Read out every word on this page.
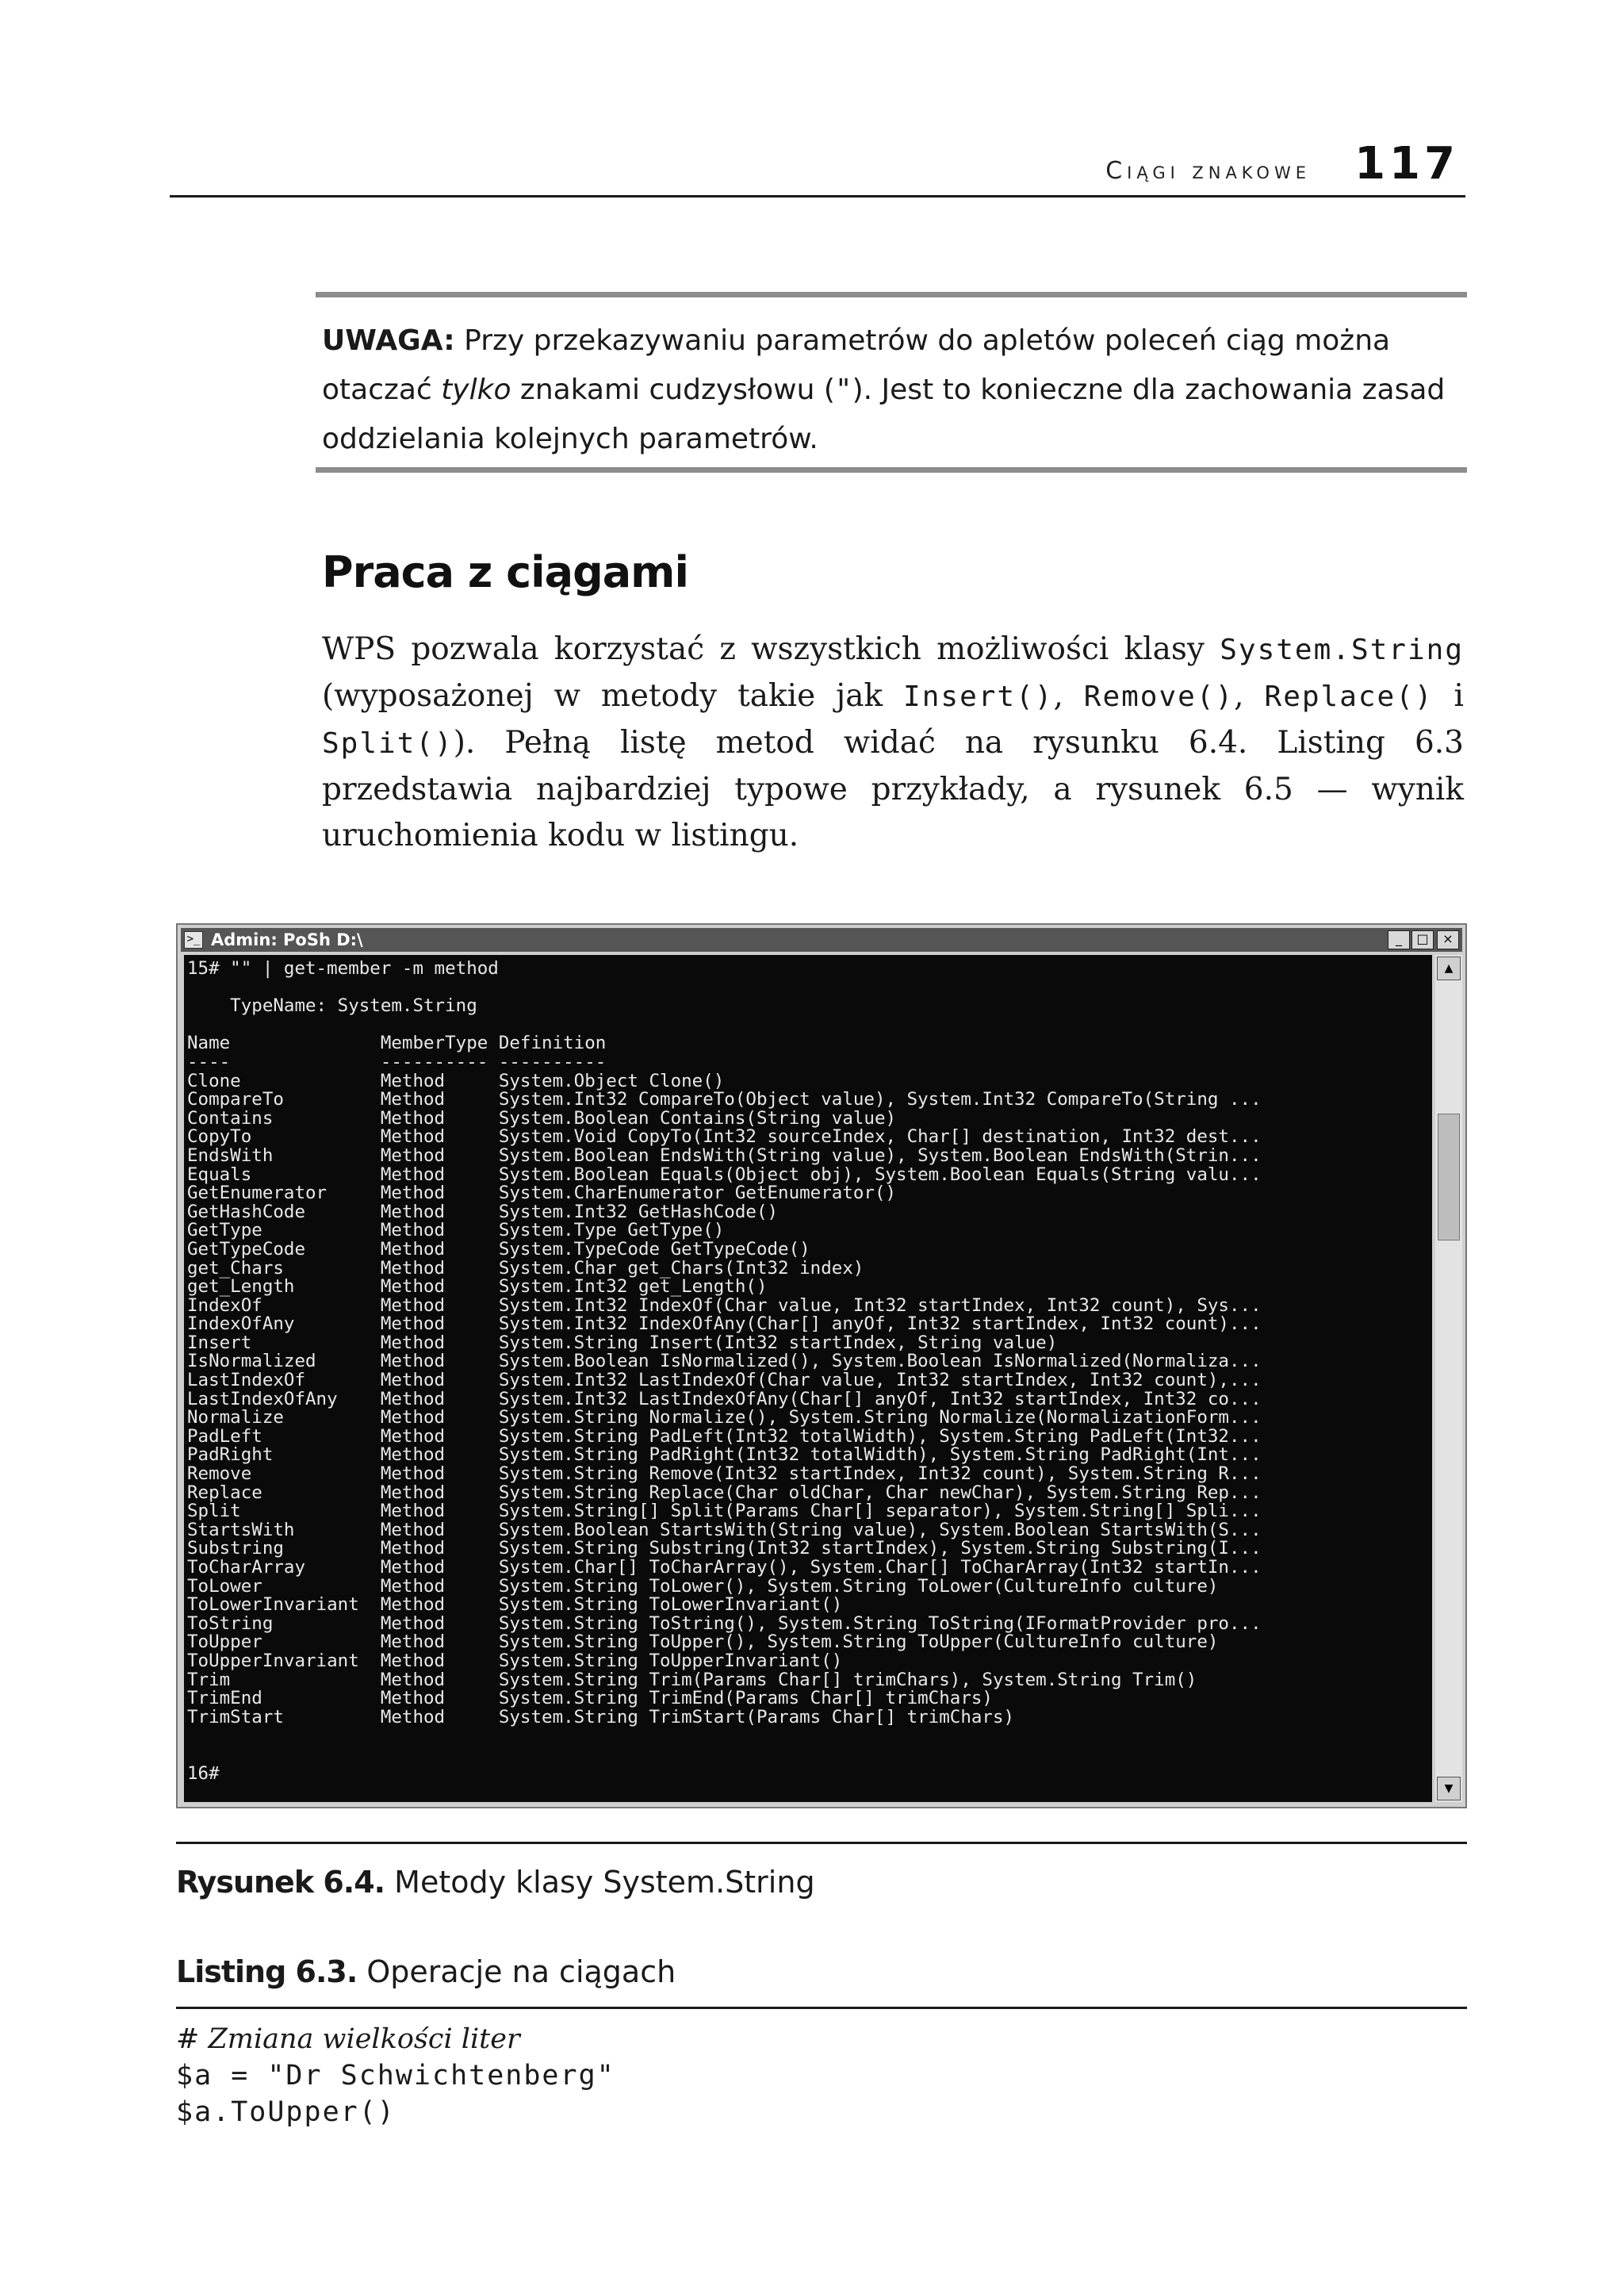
Ciągi znakowe 117
UWAGA: Przy przekazywaniu parametrów do apletów poleceń ciąg można otaczać tylko znakami cudzysłowu ("). Jest to konieczne dla zachowania zasad oddzielania kolejnych parametrów.
Praca z ciągami
WPS pozwala korzystać z wszystkich możliwości klasy System.String (wyposażonej w metody takie jak Insert(), Remove(), Replace() i Split()). Pełną listę metod widać na rysunku 6.4. Listing 6.3 przedstawia najbardziej typowe przykłady, a rysunek 6.5 — wynik uruchomienia kodu w listingu.
>_ Admin: PoSh D:\	_	□	×
15# "" | get-member -m method

TypeName: System.String

Name              MemberType Definition
----              ---------- ----------
Clone             Method     System.Object Clone()
CompareTo         Method     System.Int32 CompareTo(Object value), System.Int32 CompareTo(String ...
Contains          Method     System.Boolean Contains(String value)
CopyTo            Method     System.Void CopyTo(Int32 sourceIndex, Char[] destination, Int32 dest...
EndsWith          Method     System.Boolean EndsWith(String value), System.Boolean EndsWith(Strin...
Equals            Method     System.Boolean Equals(Object obj), System.Boolean Equals(String valu...
GetEnumerator     Method     System.CharEnumerator GetEnumerator()
GetHashCode       Method     System.Int32 GetHashCode()
GetType           Method     System.Type GetType()
GetTypeCode       Method     System.TypeCode GetTypeCode()
get_Chars         Method     System.Char get_Chars(Int32 index)
get_Length        Method     System.Int32 get_Length()
IndexOf           Method     System.Int32 IndexOf(Char value, Int32 startIndex, Int32 count), Sys...
IndexOfAny        Method     System.Int32 IndexOfAny(Char[] anyOf, Int32 startIndex, Int32 count)...
Insert            Method     System.String Insert(Int32 startIndex, String value)
IsNormalized      Method     System.Boolean IsNormalized(), System.Boolean IsNormalized(Normaliza...
LastIndexOf       Method     System.Int32 LastIndexOf(Char value, Int32 startIndex, Int32 count),...
LastIndexOfAny    Method     System.Int32 LastIndexOfAny(Char[] anyOf, Int32 startIndex, Int32 co...
Normalize         Method     System.String Normalize(), System.String Normalize(NormalizationForm...
PadLeft           Method     System.String PadLeft(Int32 totalWidth), System.String PadLeft(Int32...
PadRight          Method     System.String PadRight(Int32 totalWidth), System.String PadRight(Int...
Remove            Method     System.String Remove(Int32 startIndex, Int32 count), System.String R...
Replace           Method     System.String Replace(Char oldChar, Char newChar), System.String Rep...
Split             Method     System.String[] Split(Params Char[] separator), System.String[] Spli...
StartsWith        Method     System.Boolean StartsWith(String value), System.Boolean StartsWith(S...
Substring         Method     System.String Substring(Int32 startIndex), System.String Substring(I...
ToCharArray       Method     System.Char[] ToCharArray(), System.Char[] ToCharArray(Int32 startIn...
ToLower           Method     System.String ToLower(), System.String ToLower(CultureInfo culture)
ToLowerInvariant  Method     System.String ToLowerInvariant()
ToString          Method     System.String ToString(), System.String ToString(IFormatProvider pro...
ToUpper           Method     System.String ToUpper(), System.String ToUpper(CultureInfo culture)
ToUpperInvariant  Method     System.String ToUpperInvariant()
Trim              Method     System.String Trim(Params Char[] trimChars), System.String Trim()
TrimEnd           Method     System.String TrimEnd(Params Char[] trimChars)
TrimStart         Method     System.String TrimStart(Params Char[] trimChars)

16#
▲
▼
Rysunek 6.4. Metody klasy System.String
Listing 6.3. Operacje na ciągach
# Zmiana wielkości liter
$a = "Dr Schwichtenberg"
$a.ToUpper()
